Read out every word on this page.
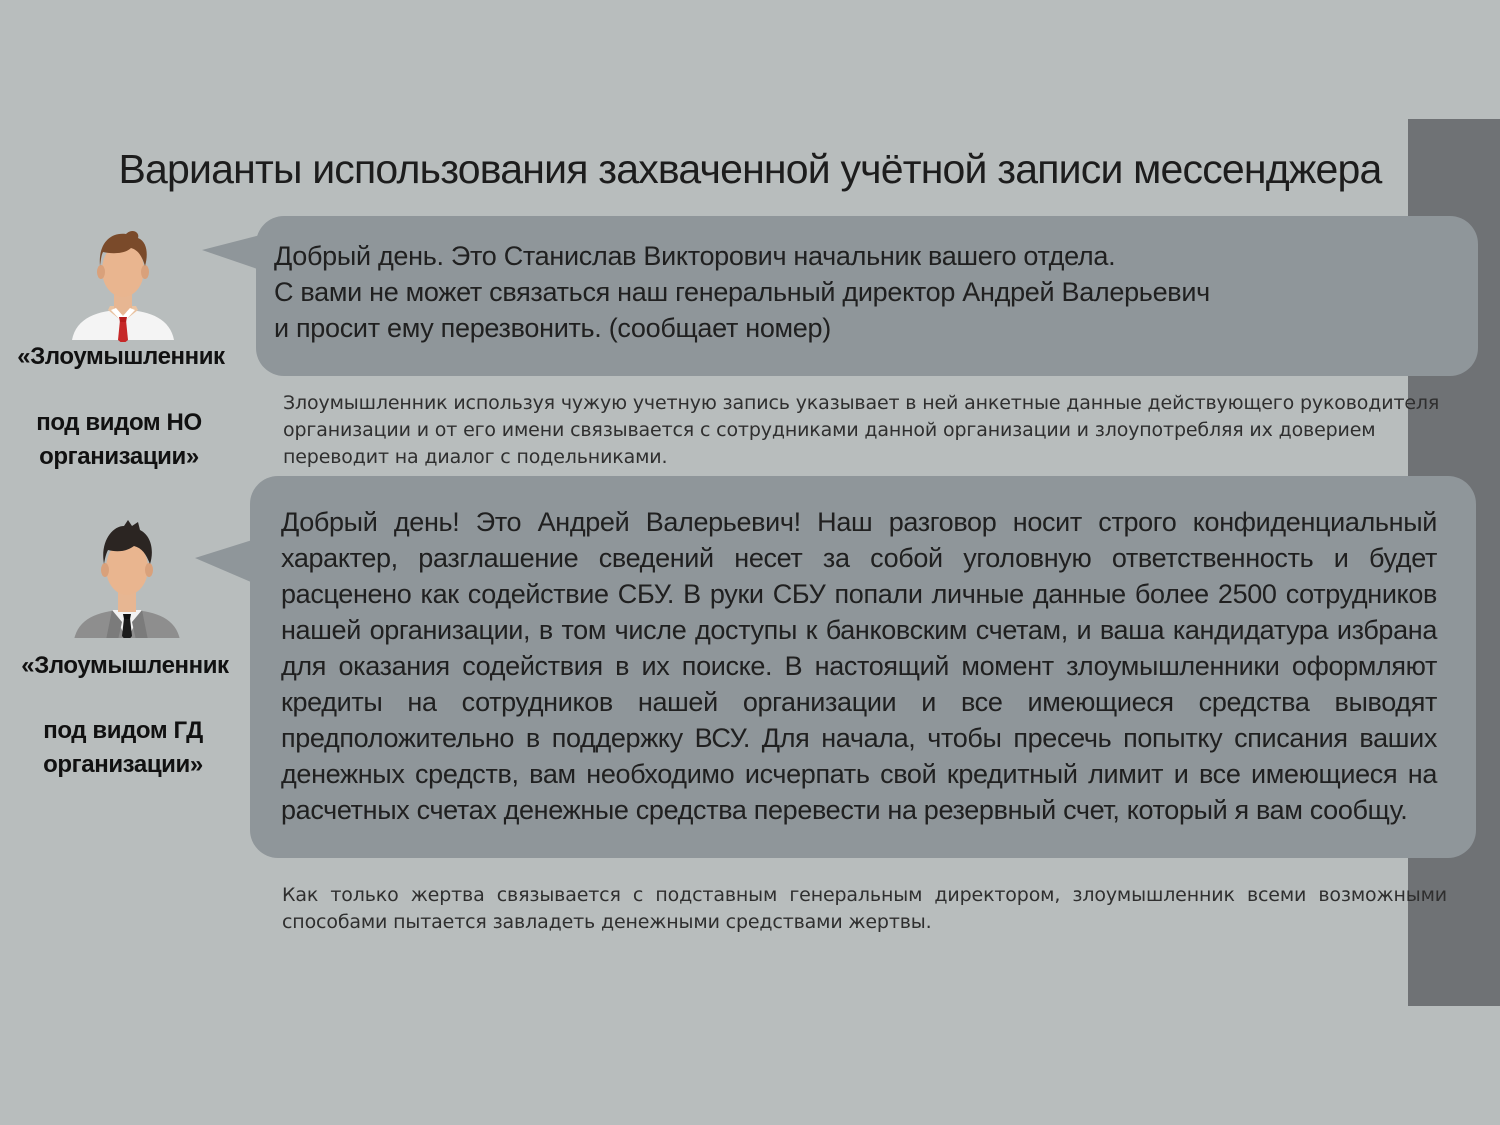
Варианты использования захваченной учётной записи мессенджера
«Злоумышленник
под видом НО
организации»
Добрый день. Это Станислав Викторович начальник вашего отдела.
С вами не может связаться наш генеральный директор Андрей Валерьевич
и просит ему перезвонить. (сообщает номер)
Злоумышленник используя чужую учетную запись указывает в ней анкетные данные действующего руководителя организации и от его имени связывается с сотрудниками данной организации и злоупотребляя их доверием переводит на диалог с подельниками.
«Злоумышленник
под видом ГД
организации»
Добрый день! Это Андрей Валерьевич! Наш разговор носит строго конфиденциальный характер, разглашение сведений несет за собой уголовную ответственность и будет расценено как содействие СБУ. В руки СБУ попали личные данные более 2500 сотрудников нашей организации, в том числе доступы к банковским счетам, и ваша кандидатура избрана для оказания содействия в их поиске. В настоящий момент злоумышленники оформляют кредиты на сотрудников нашей организации и все имеющиеся средства выводят предположительно в поддержку ВСУ. Для начала, чтобы пресечь попытку списания ваших денежных средств, вам необходимо исчерпать свой кредитный лимит и все имеющиеся на расчетных счетах денежные средства перевести на резервный счет, который я вам сообщу.
Как только жертва связывается с подставным генеральным директором, злоумышленник всеми возможными способами пытается завладеть денежными средствами жертвы.
